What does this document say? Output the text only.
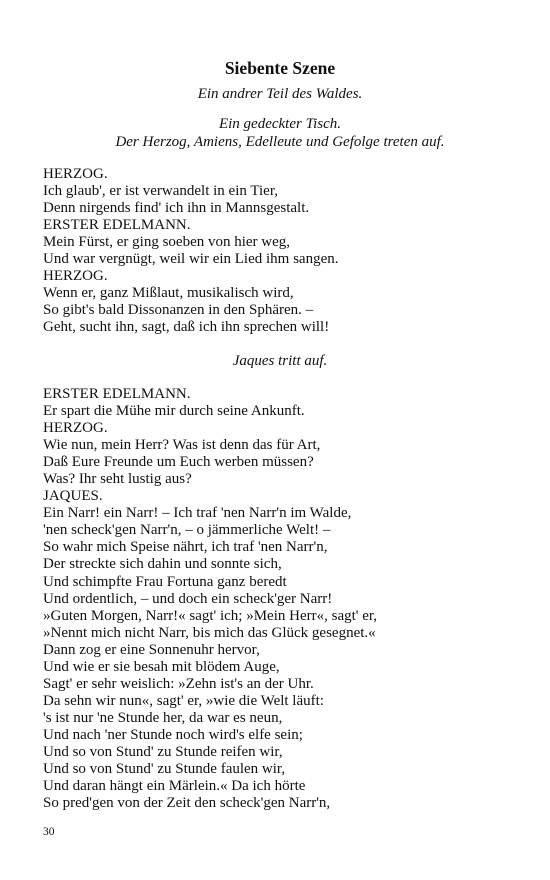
Siebente Szene
Ein andrer Teil des Waldes.
Ein gedeckter Tisch.
Der Herzog, Amiens, Edelleute und Gefolge treten auf.
HERZOG.
Ich glaub', er ist verwandelt in ein Tier,
Denn nirgends find' ich ihn in Mannsgestalt.
ERSTER EDELMANN.
Mein Fürst, er ging soeben von hier weg,
Und war vergnügt, weil wir ein Lied ihm sangen.
HERZOG.
Wenn er, ganz Mißlaut, musikalisch wird,
So gibt's bald Dissonanzen in den Sphären. –
Geht, sucht ihn, sagt, daß ich ihn sprechen will!
Jaques tritt auf.
ERSTER EDELMANN.
Er spart die Mühe mir durch seine Ankunft.
HERZOG.
Wie nun, mein Herr? Was ist denn das für Art,
Daß Eure Freunde um Euch werben müssen?
Was? Ihr seht lustig aus?
JAQUES.
Ein Narr! ein Narr! – Ich traf 'nen Narr'n im Walde,
'nen scheck'gen Narr'n, – o jämmerliche Welt! –
So wahr mich Speise nährt, ich traf 'nen Narr'n,
Der streckte sich dahin und sonnte sich,
Und schimpfte Frau Fortuna ganz beredt
Und ordentlich, – und doch ein scheck'ger Narr!
»Guten Morgen, Narr!« sagt' ich; »Mein Herr«, sagt' er,
»Nennt mich nicht Narr, bis mich das Glück gesegnet.«
Dann zog er eine Sonnenuhr hervor,
Und wie er sie besah mit blödem Auge,
Sagt' er sehr weislich: »Zehn ist's an der Uhr.
Da sehn wir nun«, sagt' er, »wie die Welt läuft:
's ist nur 'ne Stunde her, da war es neun,
Und nach 'ner Stunde noch wird's elfe sein;
Und so von Stund' zu Stunde reifen wir,
Und so von Stund' zu Stunde faulen wir,
Und daran hängt ein Märlein.« Da ich hörte
So pred'gen von der Zeit den scheck'gen Narr'n,
30
